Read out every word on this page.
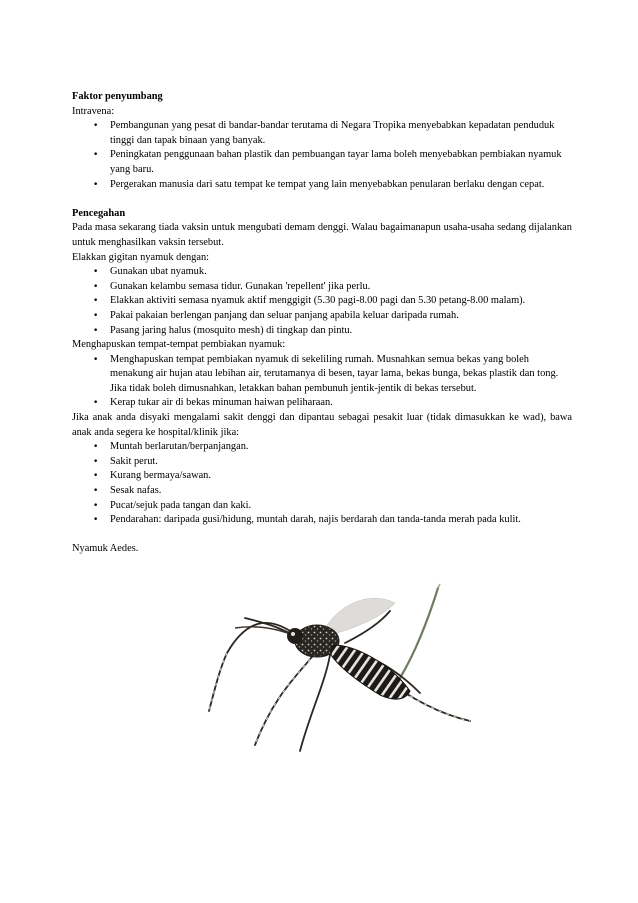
Faktor penyumbang
Intravena:
• Pembangunan yang pesat di bandar-bandar terutama di Negara Tropika menyebabkan kepadatan penduduk tinggi dan tapak binaan yang banyak.
• Peningkatan penggunaan bahan plastik dan pembuangan tayar lama boleh menyebabkan pembiakan nyamuk yang baru.
• Pergerakan manusia dari satu tempat ke tempat yang lain menyebabkan penularan berlaku dengan cepat.
Pencegahan
Pada masa sekarang tiada vaksin untuk mengubati demam denggi. Walau bagaimanapun usaha-usaha sedang dijalankan untuk menghasilkan vaksin tersebut.
Elakkan gigitan nyamuk dengan:
• Gunakan ubat nyamuk.
• Gunakan kelambu semasa tidur. Gunakan 'repellent' jika perlu.
• Elakkan aktiviti semasa nyamuk aktif menggigit (5.30 pagi-8.00 pagi dan 5.30 petang-8.00 malam).
• Pakai pakaian berlengan panjang dan seluar panjang apabila keluar daripada rumah.
• Pasang jaring halus (mosquito mesh) di tingkap dan pintu.
Menghapuskan tempat-tempat pembiakan nyamuk:
• Menghapuskan tempat pembiakan nyamuk di sekeliling rumah. Musnahkan semua bekas yang boleh menakung air hujan atau lebihan air, terutamanya di besen, tayar lama, bekas bunga, bekas plastik dan tong. Jika tidak boleh dimusnahkan, letakkan bahan pembunuh jentik-jentik di bekas tersebut.
• Kerap tukar air di bekas minuman haiwan peliharaan.
Jika anak anda disyaki mengalami sakit denggi dan dipantau sebagai pesakit luar (tidak dimasukkan ke wad), bawa anak anda segera ke hospital/klinik jika:
• Muntah berlarutan/berpanjangan.
• Sakit perut.
• Kurang bermaya/sawan.
• Sesak nafas.
• Pucat/sejuk pada tangan dan kaki.
• Pendarahan: daripada gusi/hidung, muntah darah, najis berdarah dan tanda-tanda merah pada kulit.
Nyamuk Aedes.
